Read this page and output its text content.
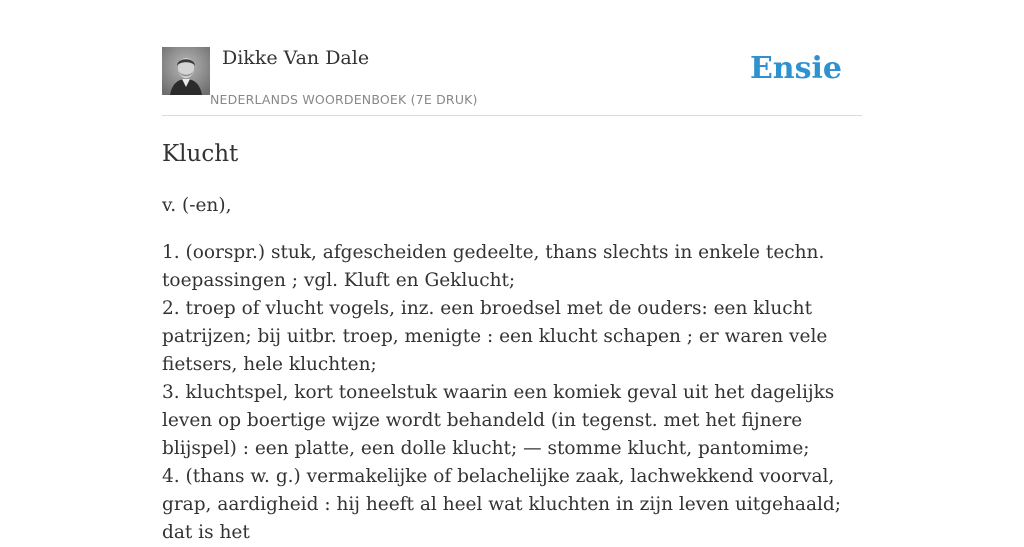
Dikke Van Dale
NEDERLANDS WOORDENBOEK (7E DRUK)
Ensie
Klucht

v. (-en),

1. (oorspr.) stuk, afgescheiden gedeelte, thans slechts in enkele techn. toepassingen ; vgl. Kluft en Geklucht;
2. troep of vlucht vogels, inz. een broedsel met de ouders: een klucht patrijzen; bij uitbr. troep, menigte : een klucht schapen ; er waren vele fietsers, hele kluchten;
3. kluchtspel, kort toneelstuk waarin een komiek geval uit het dagelijks leven op boertige wijze wordt behandeld (in tegenst. met het fijnere blijspel) : een platte, een dolle klucht; — stomme klucht, pantomime;
4. (thans w. g.) vermakelijke of belachelijke zaak, lachwekkend voorval, grap, aardigheid : hij heeft al heel wat kluchten in zijn leven uitgehaald; dat is het
